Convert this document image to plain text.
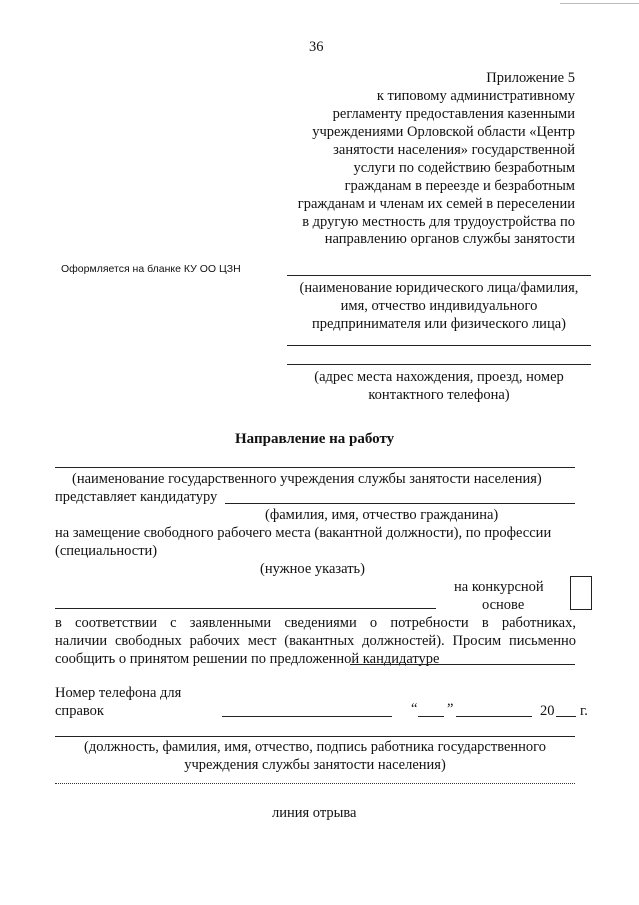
36
Приложение 5
к типовому административному
регламенту предоставления казенными
учреждениями Орловской области «Центр
занятости населения» государственной
услуги по содействию безработным
гражданам в переезде и безработным
гражданам и членам их семей в переселении
в другую местность для трудоустройства по
направлению органов службы занятости
Оформляется на бланке КУ ОО ЦЗН
(наименование юридического лица/фамилия,
имя, отчество индивидуального
предпринимателя или физического лица)
(адрес места нахождения, проезд, номер
контактного телефона)
Направление на работу
(наименование государственного учреждения службы занятости населения)
представляет кандидатуру
(фамилия, имя, отчество гражданина)
на замещение свободного рабочего места (вакантной должности), по профессии
(специальности)
(нужное указать)
на конкурсной
основе
в соответствии с заявленными сведениями о потребности в работниках,
наличии свободных рабочих мест (вакантных должностей). Просим письменно
сообщить о принятом решении по предложенной кандидатуре
Номер телефона для
справок	“ ”	20 г.
(должность, фамилия, имя, отчество, подпись работника государственного
учреждения службы занятости населения)
линия отрыва
